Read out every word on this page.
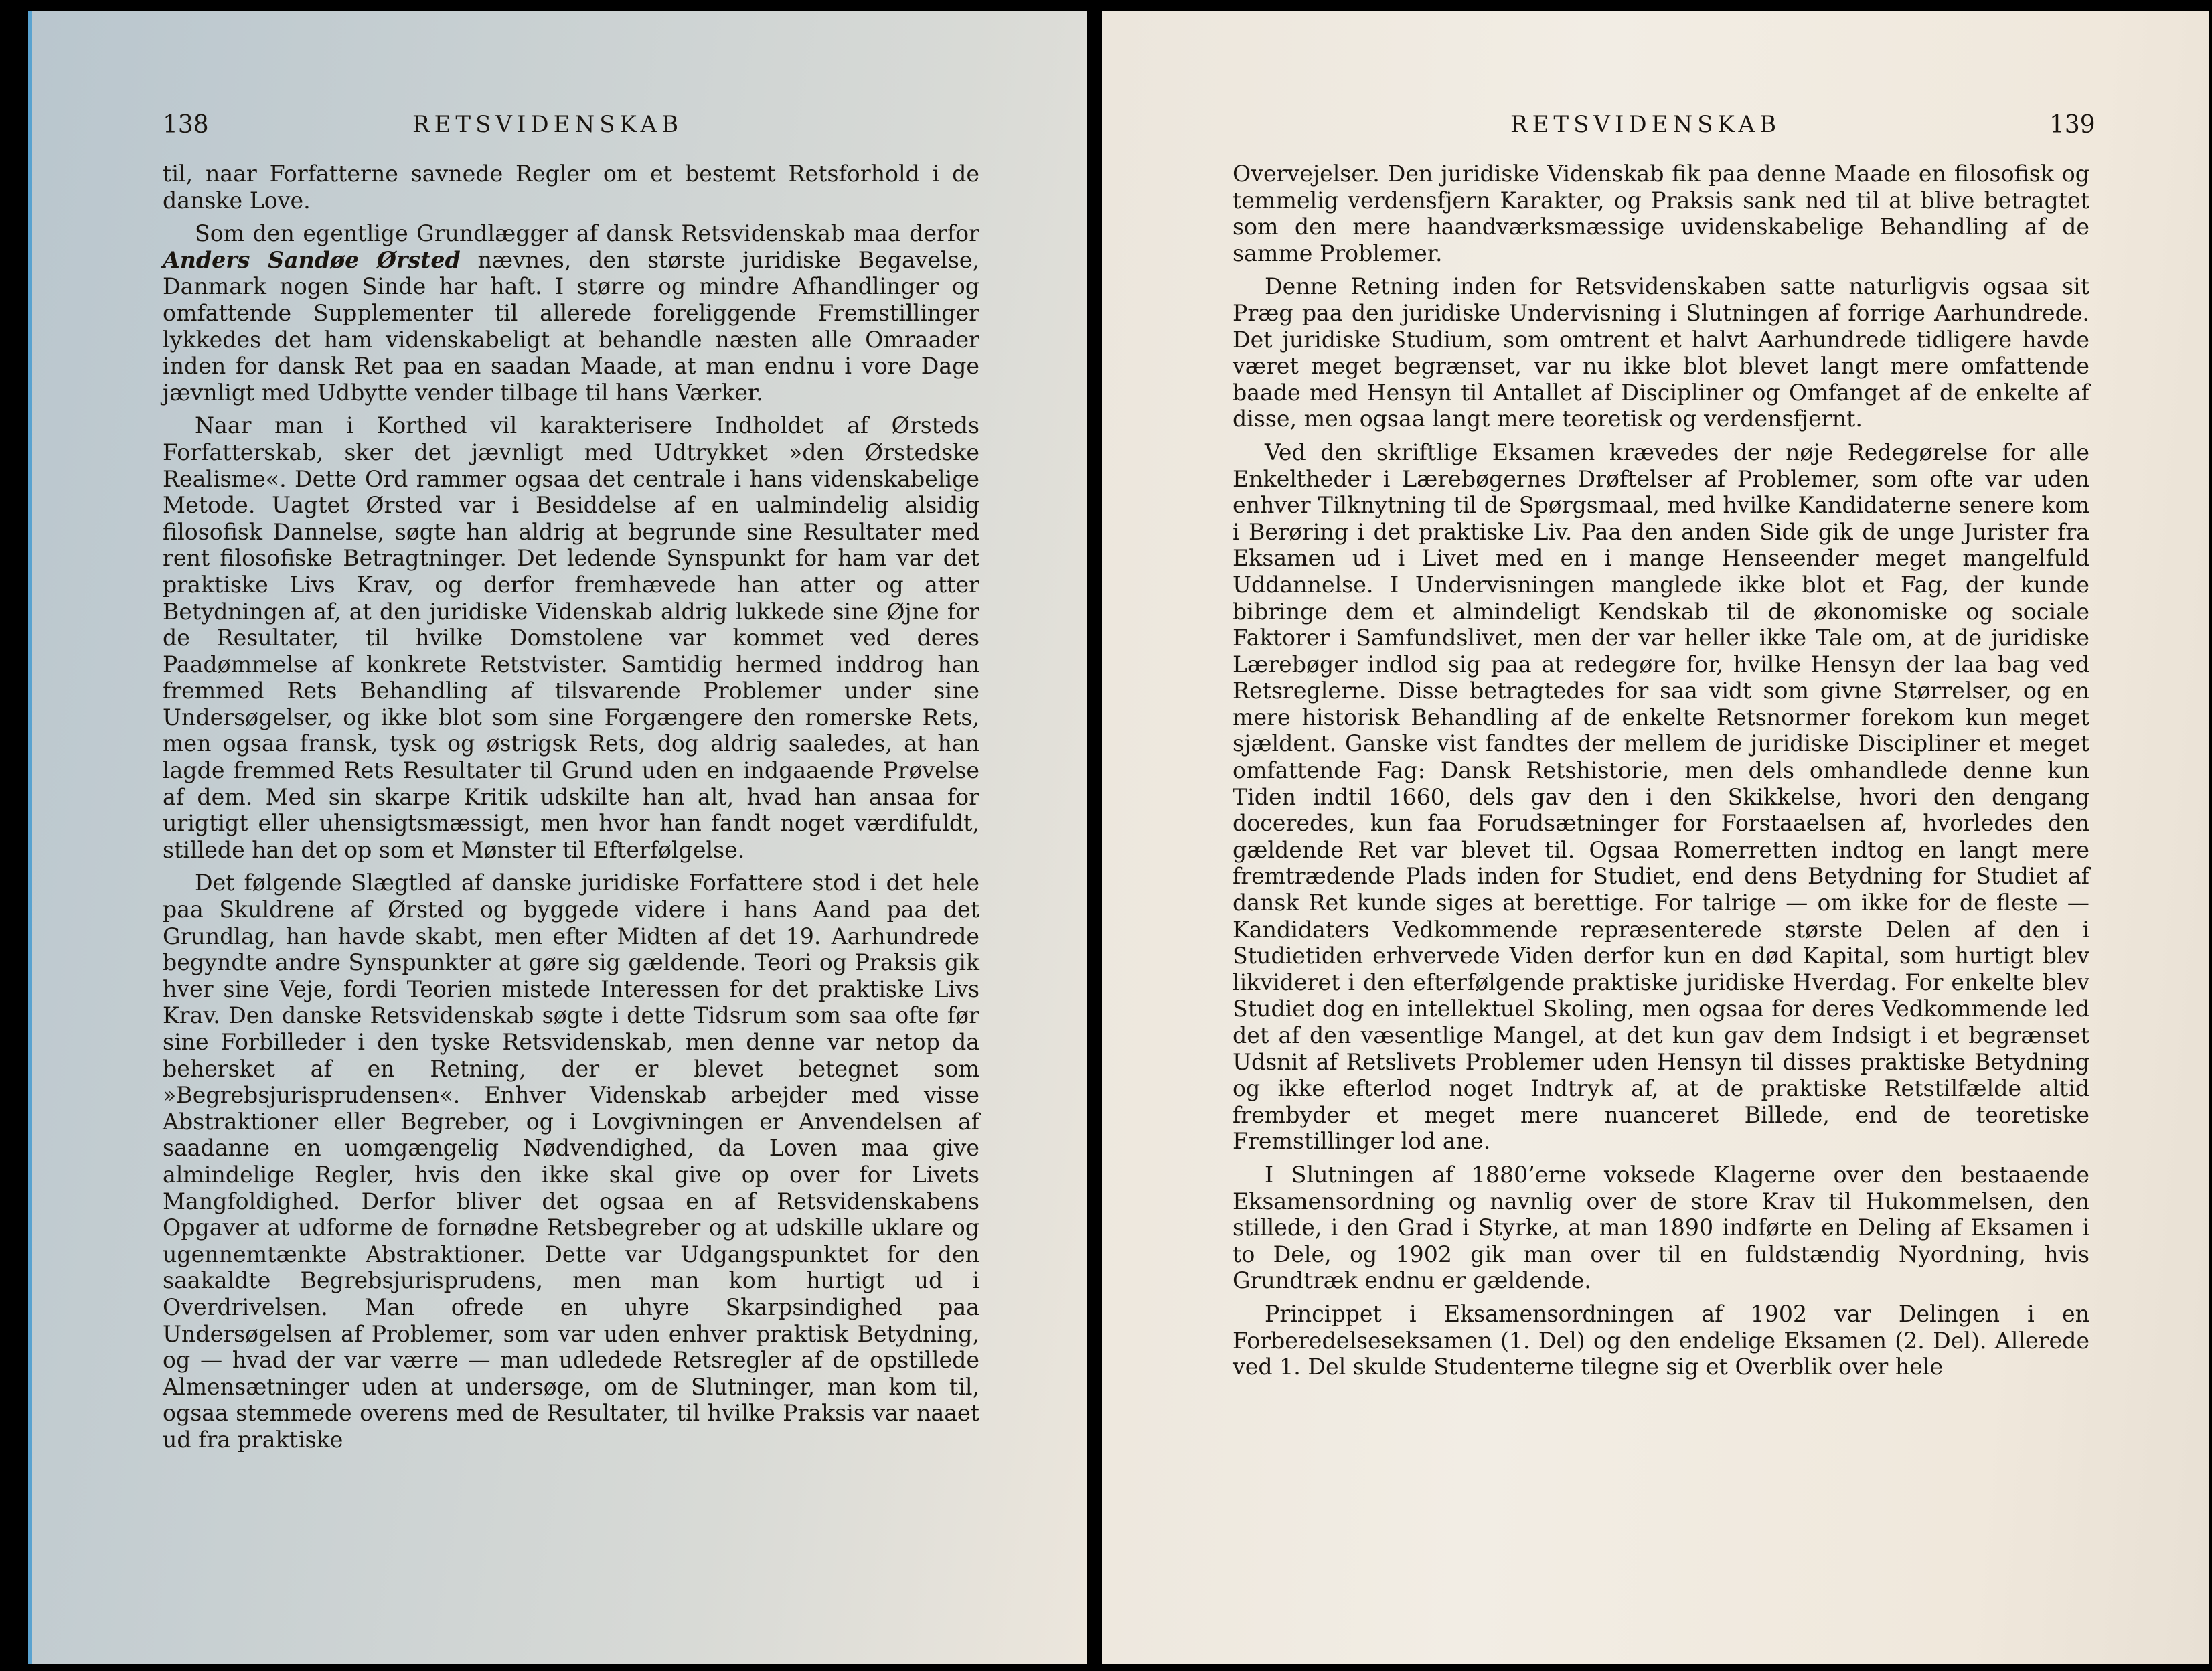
138	RETSVIDENSKAB

til, naar Forfatterne savnede Regler om et bestemt Retsforhold i de danske Love.

Som den egentlige Grundlægger af dansk Retsvidenskab maa derfor Anders Sandøe Ørsted nævnes, den største juridiske Begavelse, Danmark nogen Sinde har haft. I større og mindre Afhandlinger og omfattende Supplementer til allerede foreliggende Fremstillinger lykkedes det ham videnskabeligt at behandle næsten alle Omraader inden for dansk Ret paa en saadan Maade, at man endnu i vore Dage jævnligt med Udbytte vender tilbage til hans Værker.

Naar man i Korthed vil karakterisere Indholdet af Ørsteds Forfatterskab, sker det jævnligt med Udtrykket »den Ørstedske Realisme«. Dette Ord rammer ogsaa det centrale i hans videnskabelige Metode. Uagtet Ørsted var i Besiddelse af en ualmindelig alsidig filosofisk Dannelse, søgte han aldrig at begrunde sine Resultater med rent filosofiske Betragtninger. Det ledende Synspunkt for ham var det praktiske Livs Krav, og derfor fremhævede han atter og atter Betydningen af, at den juridiske Videnskab aldrig lukkede sine Øjne for de Resultater, til hvilke Domstolene var kommet ved deres Paadømmelse af konkrete Retstvister. Samtidig hermed inddrog han fremmed Rets Behandling af tilsvarende Problemer under sine Undersøgelser, og ikke blot som sine Forgængere den romerske Rets, men ogsaa fransk, tysk og østrigsk Rets, dog aldrig saaledes, at han lagde fremmed Rets Resultater til Grund uden en indgaaende Prøvelse af dem. Med sin skarpe Kritik udskilte han alt, hvad han ansaa for urigtigt eller uhensigtsmæssigt, men hvor han fandt noget værdifuldt, stillede han det op som et Mønster til Efterfølgelse.

Det følgende Slægtled af danske juridiske Forfattere stod i det hele paa Skuldrene af Ørsted og byggede videre i hans Aand paa det Grundlag, han havde skabt, men efter Midten af det 19. Aarhundrede begyndte andre Synspunkter at gøre sig gældende. Teori og Praksis gik hver sine Veje, fordi Teorien mistede Interessen for det praktiske Livs Krav. Den danske Retsvidenskab søgte i dette Tidsrum som saa ofte før sine Forbilleder i den tyske Retsvidenskab, men denne var netop da behersket af en Retning, der er blevet betegnet som »Begrebsjurisprudensen«. Enhver Videnskab arbejder med visse Abstraktioner eller Begreber, og i Lovgivningen er Anvendelsen af saadanne en uomgængelig Nødvendighed, da Loven maa give almindelige Regler, hvis den ikke skal give op over for Livets Mangfoldighed. Derfor bliver det ogsaa en af Retsvidenskabens Opgaver at udforme de fornødne Retsbegreber og at udskille uklare og ugennemtænkte Abstraktioner. Dette var Udgangspunktet for den saakaldte Begrebsjurisprudens, men man kom hurtigt ud i Overdrivelsen. Man ofrede en uhyre Skarpsindighed paa Undersøgelsen af Problemer, som var uden enhver praktisk Betydning, og — hvad der var værre — man udledede Retsregler af de opstillede Almensætninger uden at undersøge, om de Slutninger, man kom til, ogsaa stemmede overens med de Resultater, til hvilke Praksis var naaet ud fra praktiske

RETSVIDENSKAB	139

Overvejelser. Den juridiske Videnskab fik paa denne Maade en filosofisk og temmelig verdensfjern Karakter, og Praksis sank ned til at blive betragtet som den mere haandværksmæssige uvidenskabelige Behandling af de samme Problemer.

Denne Retning inden for Retsvidenskaben satte naturligvis ogsaa sit Præg paa den juridiske Undervisning i Slutningen af forrige Aarhundrede. Det juridiske Studium, som omtrent et halvt Aarhundrede tidligere havde været meget begrænset, var nu ikke blot blevet langt mere omfattende baade med Hensyn til Antallet af Discipliner og Omfanget af de enkelte af disse, men ogsaa langt mere teoretisk og verdensfjernt.

Ved den skriftlige Eksamen krævedes der nøje Redegørelse for alle Enkeltheder i Lærebøgernes Drøftelser af Problemer, som ofte var uden enhver Tilknytning til de Spørgsmaal, med hvilke Kandidaterne senere kom i Berøring i det praktiske Liv. Paa den anden Side gik de unge Jurister fra Eksamen ud i Livet med en i mange Henseender meget mangelfuld Uddannelse. I Undervisningen manglede ikke blot et Fag, der kunde bibringe dem et almindeligt Kendskab til de økonomiske og sociale Faktorer i Samfundslivet, men der var heller ikke Tale om, at de juridiske Lærebøger indlod sig paa at redegøre for, hvilke Hensyn der laa bag ved Retsreglerne. Disse betragtedes for saa vidt som givne Størrelser, og en mere historisk Behandling af de enkelte Retsnormer forekom kun meget sjældent. Ganske vist fandtes der mellem de juridiske Discipliner et meget omfattende Fag: Dansk Retshistorie, men dels omhandlede denne kun Tiden indtil 1660, dels gav den i den Skikkelse, hvori den dengang doceredes, kun faa Forudsætninger for Forstaaelsen af, hvorledes den gældende Ret var blevet til. Ogsaa Romerretten indtog en langt mere fremtrædende Plads inden for Studiet, end dens Betydning for Studiet af dansk Ret kunde siges at berettige. For talrige — om ikke for de fleste — Kandidaters Vedkommende repræsenterede største Delen af den i Studietiden erhvervede Viden derfor kun en død Kapital, som hurtigt blev likvideret i den efterfølgende praktiske juridiske Hverdag. For enkelte blev Studiet dog en intellektuel Skoling, men ogsaa for deres Vedkommende led det af den væsentlige Mangel, at det kun gav dem Indsigt i et begrænset Udsnit af Retslivets Problemer uden Hensyn til disses praktiske Betydning og ikke efterlod noget Indtryk af, at de praktiske Retstilfælde altid frembyder et meget mere nuanceret Billede, end de teoretiske Fremstillinger lod ane.

I Slutningen af 1880’erne voksede Klagerne over den bestaaende Eksamensordning og navnlig over de store Krav til Hukommelsen, den stillede, i den Grad i Styrke, at man 1890 indførte en Deling af Eksamen i to Dele, og 1902 gik man over til en fuldstændig Nyordning, hvis Grundtræk endnu er gældende.

Princippet i Eksamensordningen af 1902 var Delingen i en Forberedelseseksamen (1. Del) og den endelige Eksamen (2. Del). Allerede ved 1. Del skulde Studenterne tilegne sig et Overblik over hele
